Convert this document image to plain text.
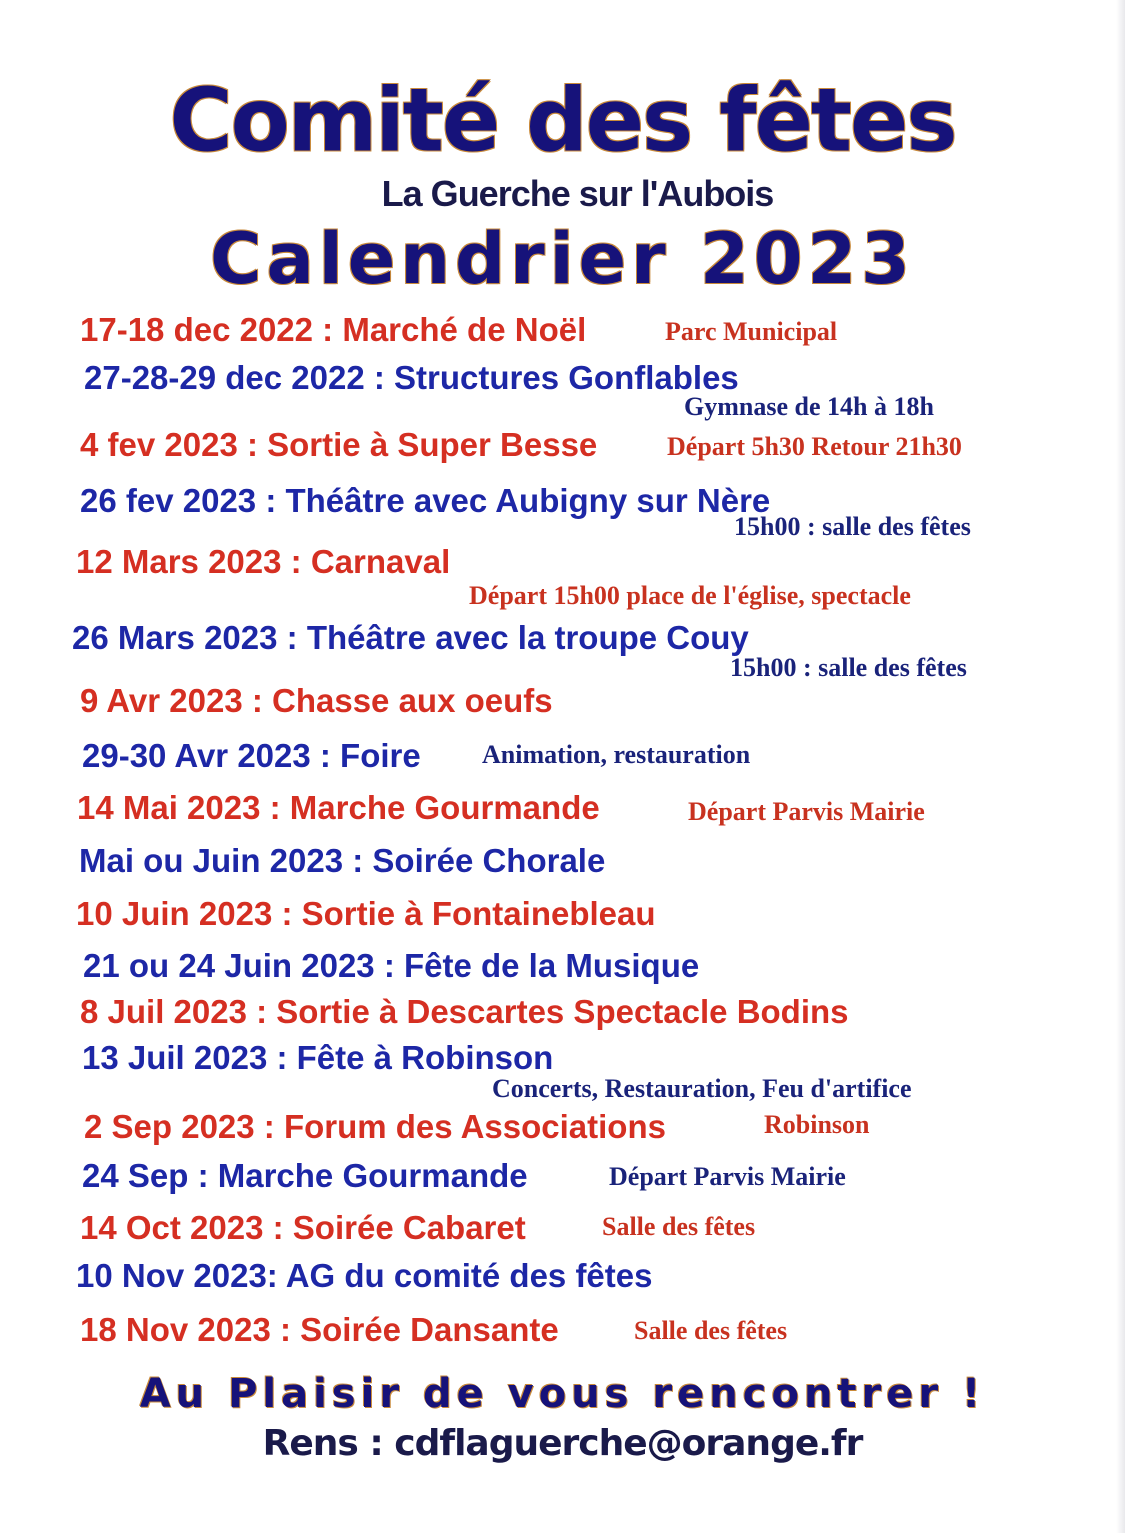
Comité des fêtes
La Guerche sur l'Aubois
Calendrier 2023
17-18 dec 2022 : Marché de Noël	Parc Municipal
27-28-29 dec 2022 : Structures Gonflables
Gymnase de 14h à 18h
4 fev 2023 : Sortie à Super Besse	Départ 5h30 Retour 21h30
26 fev 2023 : Théâtre avec Aubigny sur Nère
15h00 : salle des fêtes
12 Mars 2023 : Carnaval
Départ 15h00 place de l'église, spectacle
26 Mars 2023 : Théâtre avec la troupe Couy
15h00 : salle des fêtes
9 Avr 2023 : Chasse aux oeufs
29-30 Avr 2023 : Foire Animation, restauration
14 Mai 2023 : Marche Gourmande	Départ Parvis Mairie
Mai ou Juin 2023 : Soirée Chorale
10 Juin 2023 : Sortie à Fontainebleau
21 ou 24 Juin 2023 : Fête de la Musique
8 Juil 2023 : Sortie à Descartes Spectacle Bodins
13 Juil 2023 : Fête à Robinson
Concerts, Restauration, Feu d'artifice
2 Sep 2023 : Forum des Associations	Robinson
24 Sep : Marche Gourmande	Départ Parvis Mairie
14 Oct 2023 : Soirée Cabaret	Salle des fêtes
10 Nov 2023: AG du comité des fêtes
18 Nov 2023 : Soirée Dansante	Salle des fêtes
Au Plaisir de vous rencontrer !
Rens : cdflaguerche@orange.fr
